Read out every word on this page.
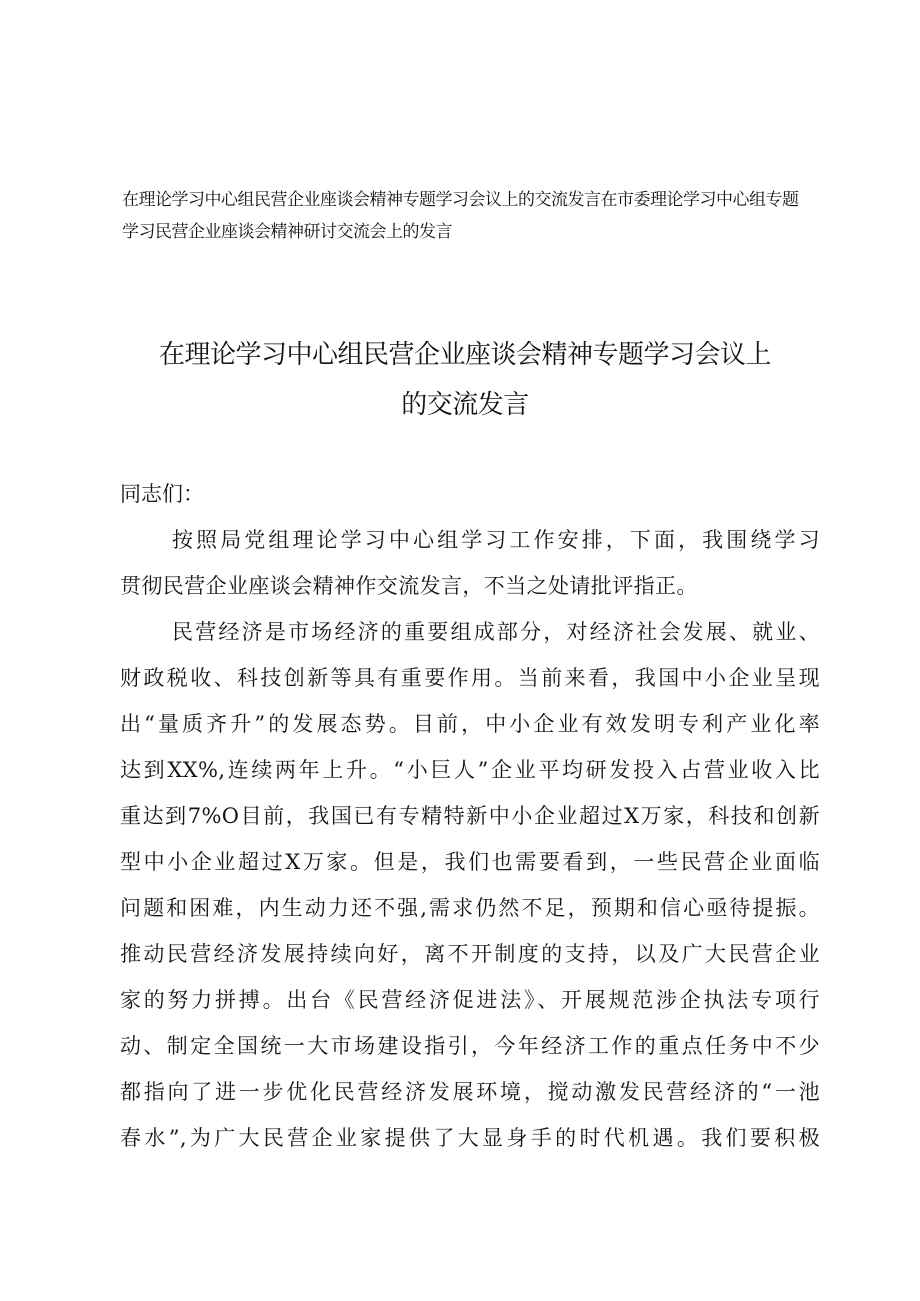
在理论学习中心组民营企业座谈会精神专题学习会议上的交流发言在市委理论学习中心组专题学习民营企业座谈会精神研讨交流会上的发言

在理论学习中心组民营企业座谈会精神专题学习会议上
的交流发言

同志们：

按照局党组理论学习中心组学习工作安排，下面，我围绕学习
贯彻民营企业座谈会精神作交流发言，不当之处请批评指正。

民营经济是市场经济的重要组成部分，对经济社会发展、就业、
财政税收、科技创新等具有重要作用。当前来看，我国中小企业呈现
出“量质齐升”的发展态势。目前，中小企业有效发明专利产业化率
达到XX%,连续两年上升。“小巨人”企业平均研发投入占营业收入比
重达到7%O目前，我国已有专精特新中小企业超过X万家，科技和创新
型中小企业超过X万家。但是，我们也需要看到，一些民营企业面临
问题和困难，内生动力还不强,需求仍然不足，预期和信心亟待提振。
推动民营经济发展持续向好，离不开制度的支持，以及广大民营企业
家的努力拼搏。出台《民营经济促进法》、开展规范涉企执法专项行
动、制定全国统一大市场建设指引，今年经济工作的重点任务中不少
都指向了进一步优化民营经济发展环境，搅动激发民营经济的“一池
春水”,为广大民营企业家提供了大显身手的时代机遇。我们要积极
